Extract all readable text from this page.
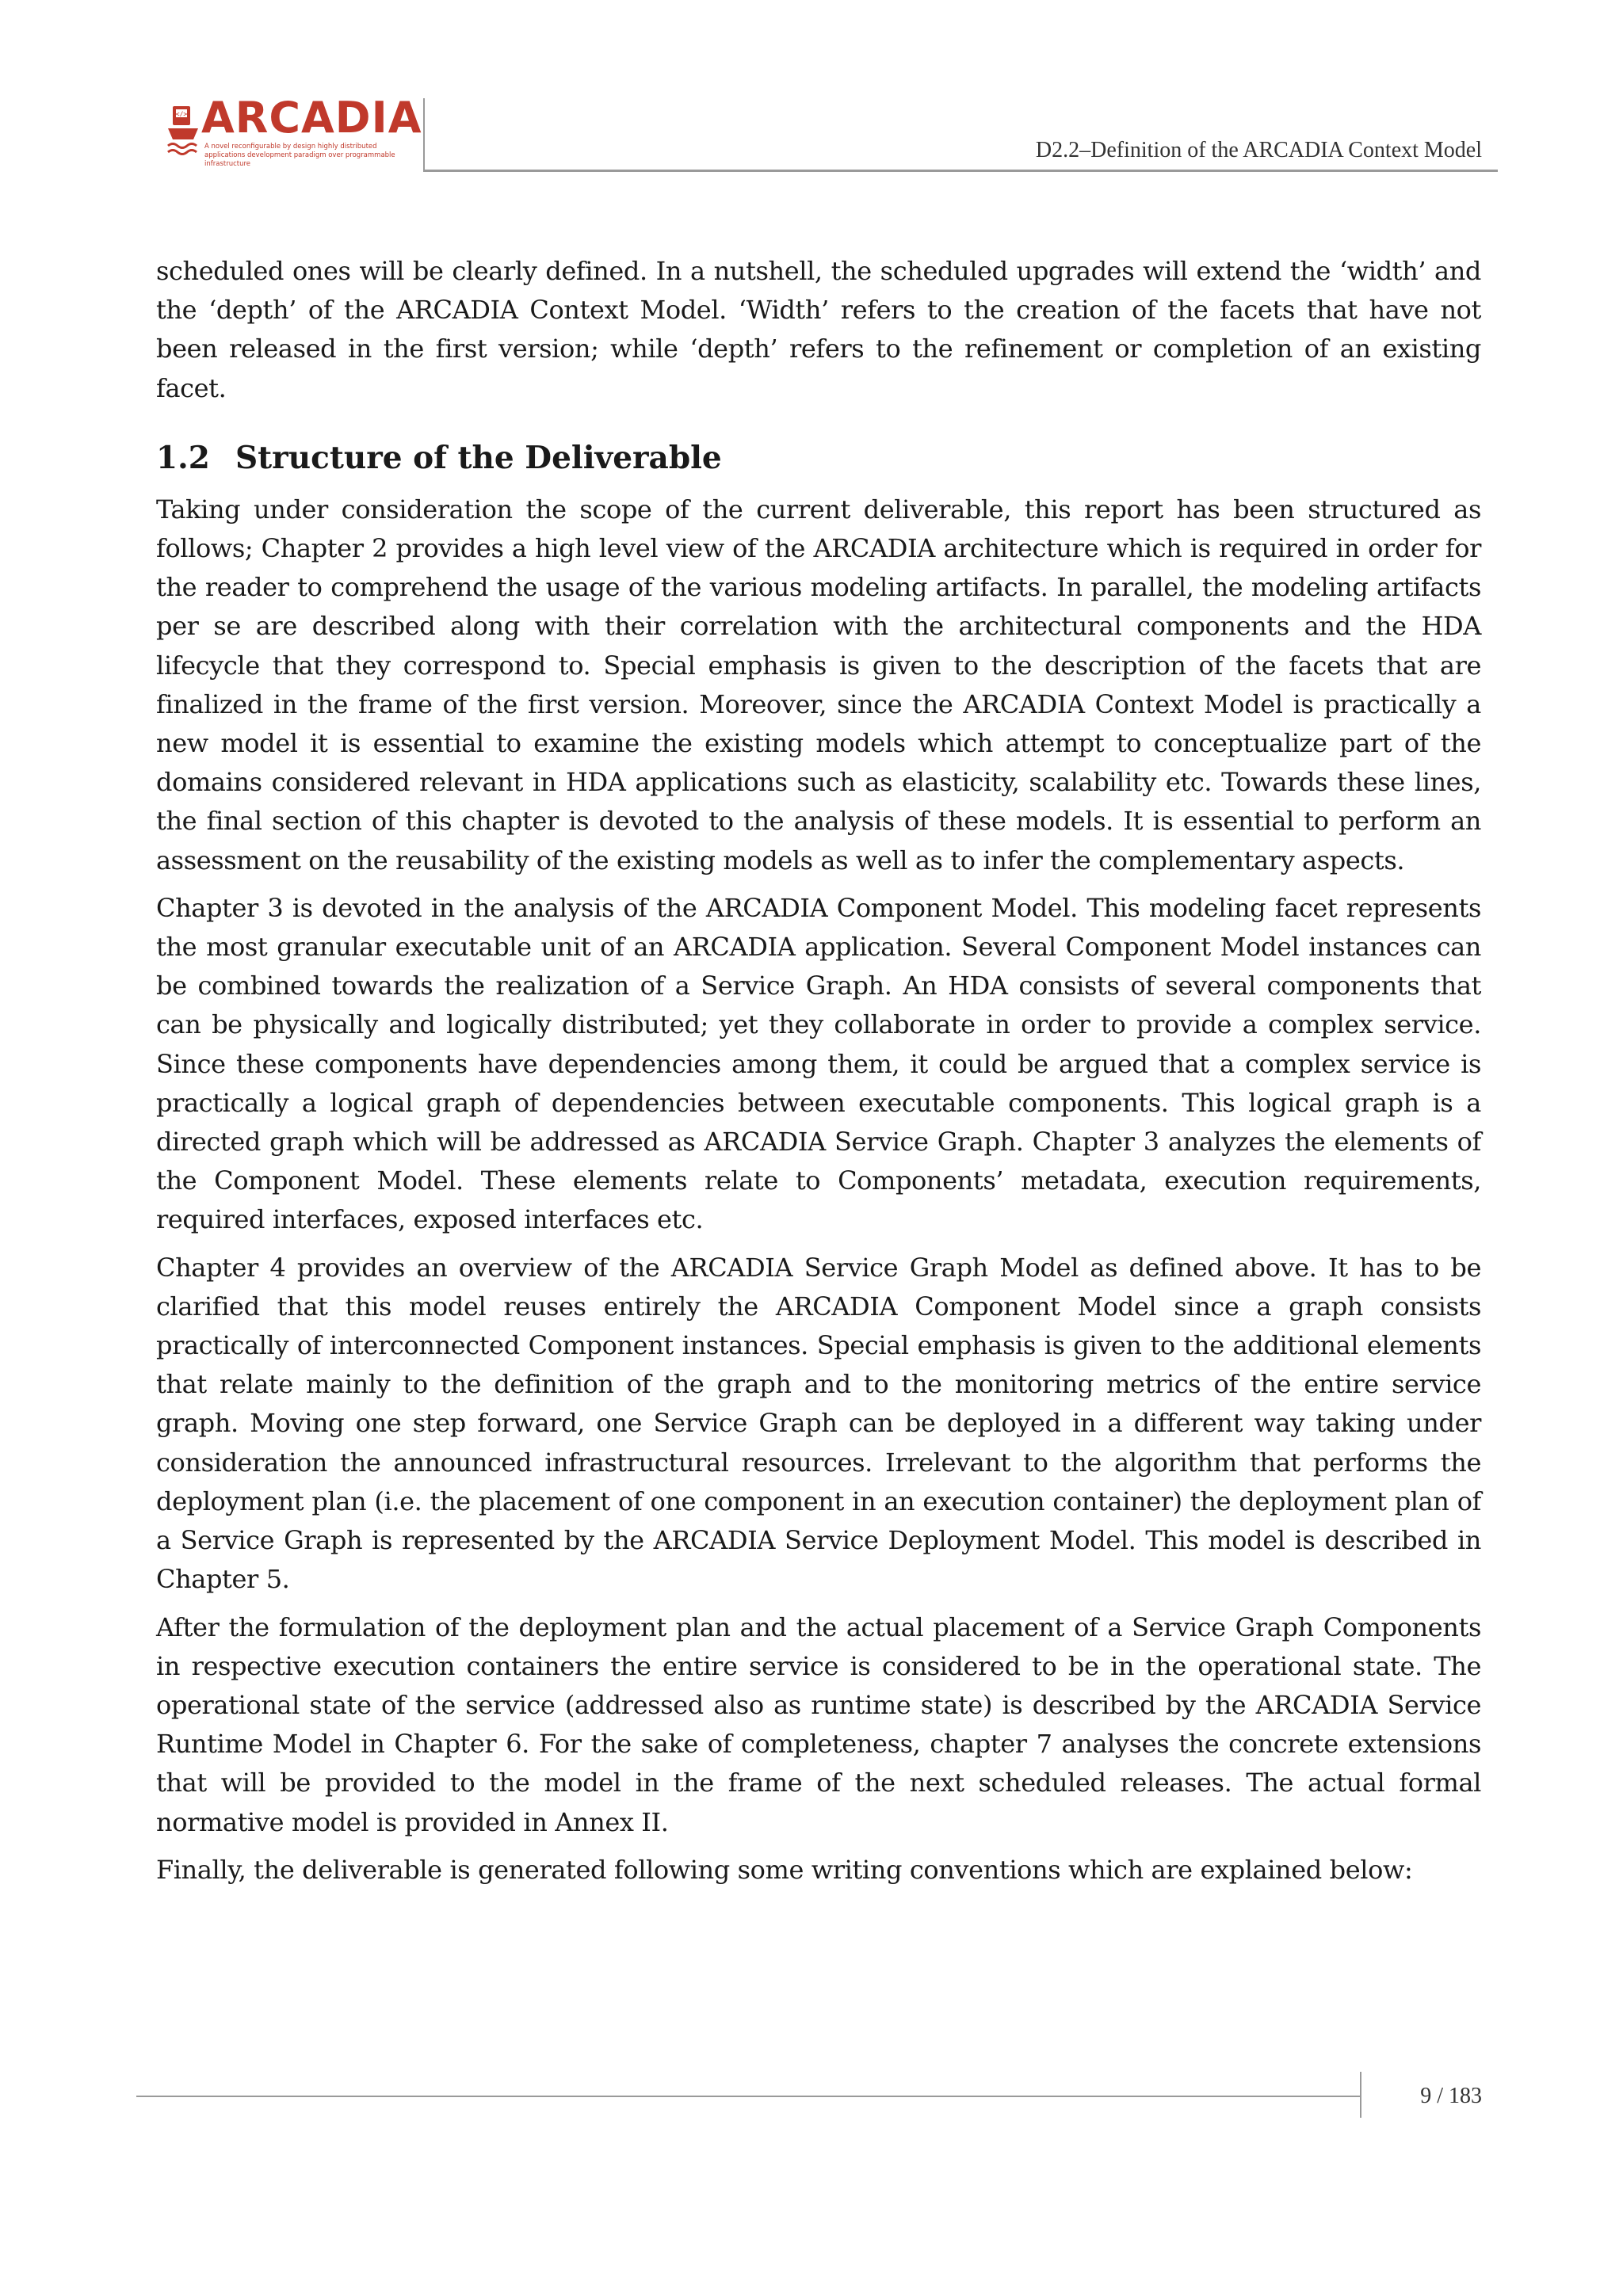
</> ARCADIA
A novel reconfigurable by design highly distributed applications development paradigm over programmable infrastructure
D2.2–Definition of the ARCADIA Context Model

scheduled ones will be clearly defined. In a nutshell, the scheduled upgrades will extend the ‘width’ and the ‘depth’ of the ARCADIA Context Model. ‘Width’ refers to the creation of the facets that have not been released in the first version; while ‘depth’ refers to the refinement or completion of an existing facet.

1.2 Structure of the Deliverable

Taking under consideration the scope of the current deliverable, this report has been structured as follows; Chapter 2 provides a high level view of the ARCADIA architecture which is required in order for the reader to comprehend the usage of the various modeling artifacts. In parallel, the modeling artifacts per se are described along with their correlation with the architectural components and the HDA lifecycle that they correspond to. Special emphasis is given to the description of the facets that are finalized in the frame of the first version. Moreover, since the ARCADIA Context Model is practically a new model it is essential to examine the existing models which attempt to conceptualize part of the domains considered relevant in HDA applications such as elasticity, scalability etc. Towards these lines, the final section of this chapter is devoted to the analysis of these models. It is essential to perform an assessment on the reusability of the existing models as well as to infer the complementary aspects.

Chapter 3 is devoted in the analysis of the ARCADIA Component Model. This modeling facet represents the most granular executable unit of an ARCADIA application. Several Component Model instances can be combined towards the realization of a Service Graph. An HDA consists of several components that can be physically and logically distributed; yet they collaborate in order to provide a complex service. Since these components have dependencies among them, it could be argued that a complex service is practically a logical graph of dependencies between executable components. This logical graph is a directed graph which will be addressed as ARCADIA Service Graph. Chapter 3 analyzes the elements of the Component Model. These elements relate to Components’ metadata, execution requirements, required interfaces, exposed interfaces etc.

Chapter 4 provides an overview of the ARCADIA Service Graph Model as defined above. It has to be clarified that this model reuses entirely the ARCADIA Component Model since a graph consists practically of interconnected Component instances. Special emphasis is given to the additional elements that relate mainly to the definition of the graph and to the monitoring metrics of the entire service graph. Moving one step forward, one Service Graph can be deployed in a different way taking under consideration the announced infrastructural resources. Irrelevant to the algorithm that performs the deployment plan (i.e. the placement of one component in an execution container) the deployment plan of a Service Graph is represented by the ARCADIA Service Deployment Model. This model is described in Chapter 5.

After the formulation of the deployment plan and the actual placement of a Service Graph Components in respective execution containers the entire service is considered to be in the operational state. The operational state of the service (addressed also as runtime state) is described by the ARCADIA Service Runtime Model in Chapter 6. For the sake of completeness, chapter 7 analyses the concrete extensions that will be provided to the model in the frame of the next scheduled releases. The actual formal normative model is provided in Annex II.

Finally, the deliverable is generated following some writing conventions which are explained below:

9 / 183
